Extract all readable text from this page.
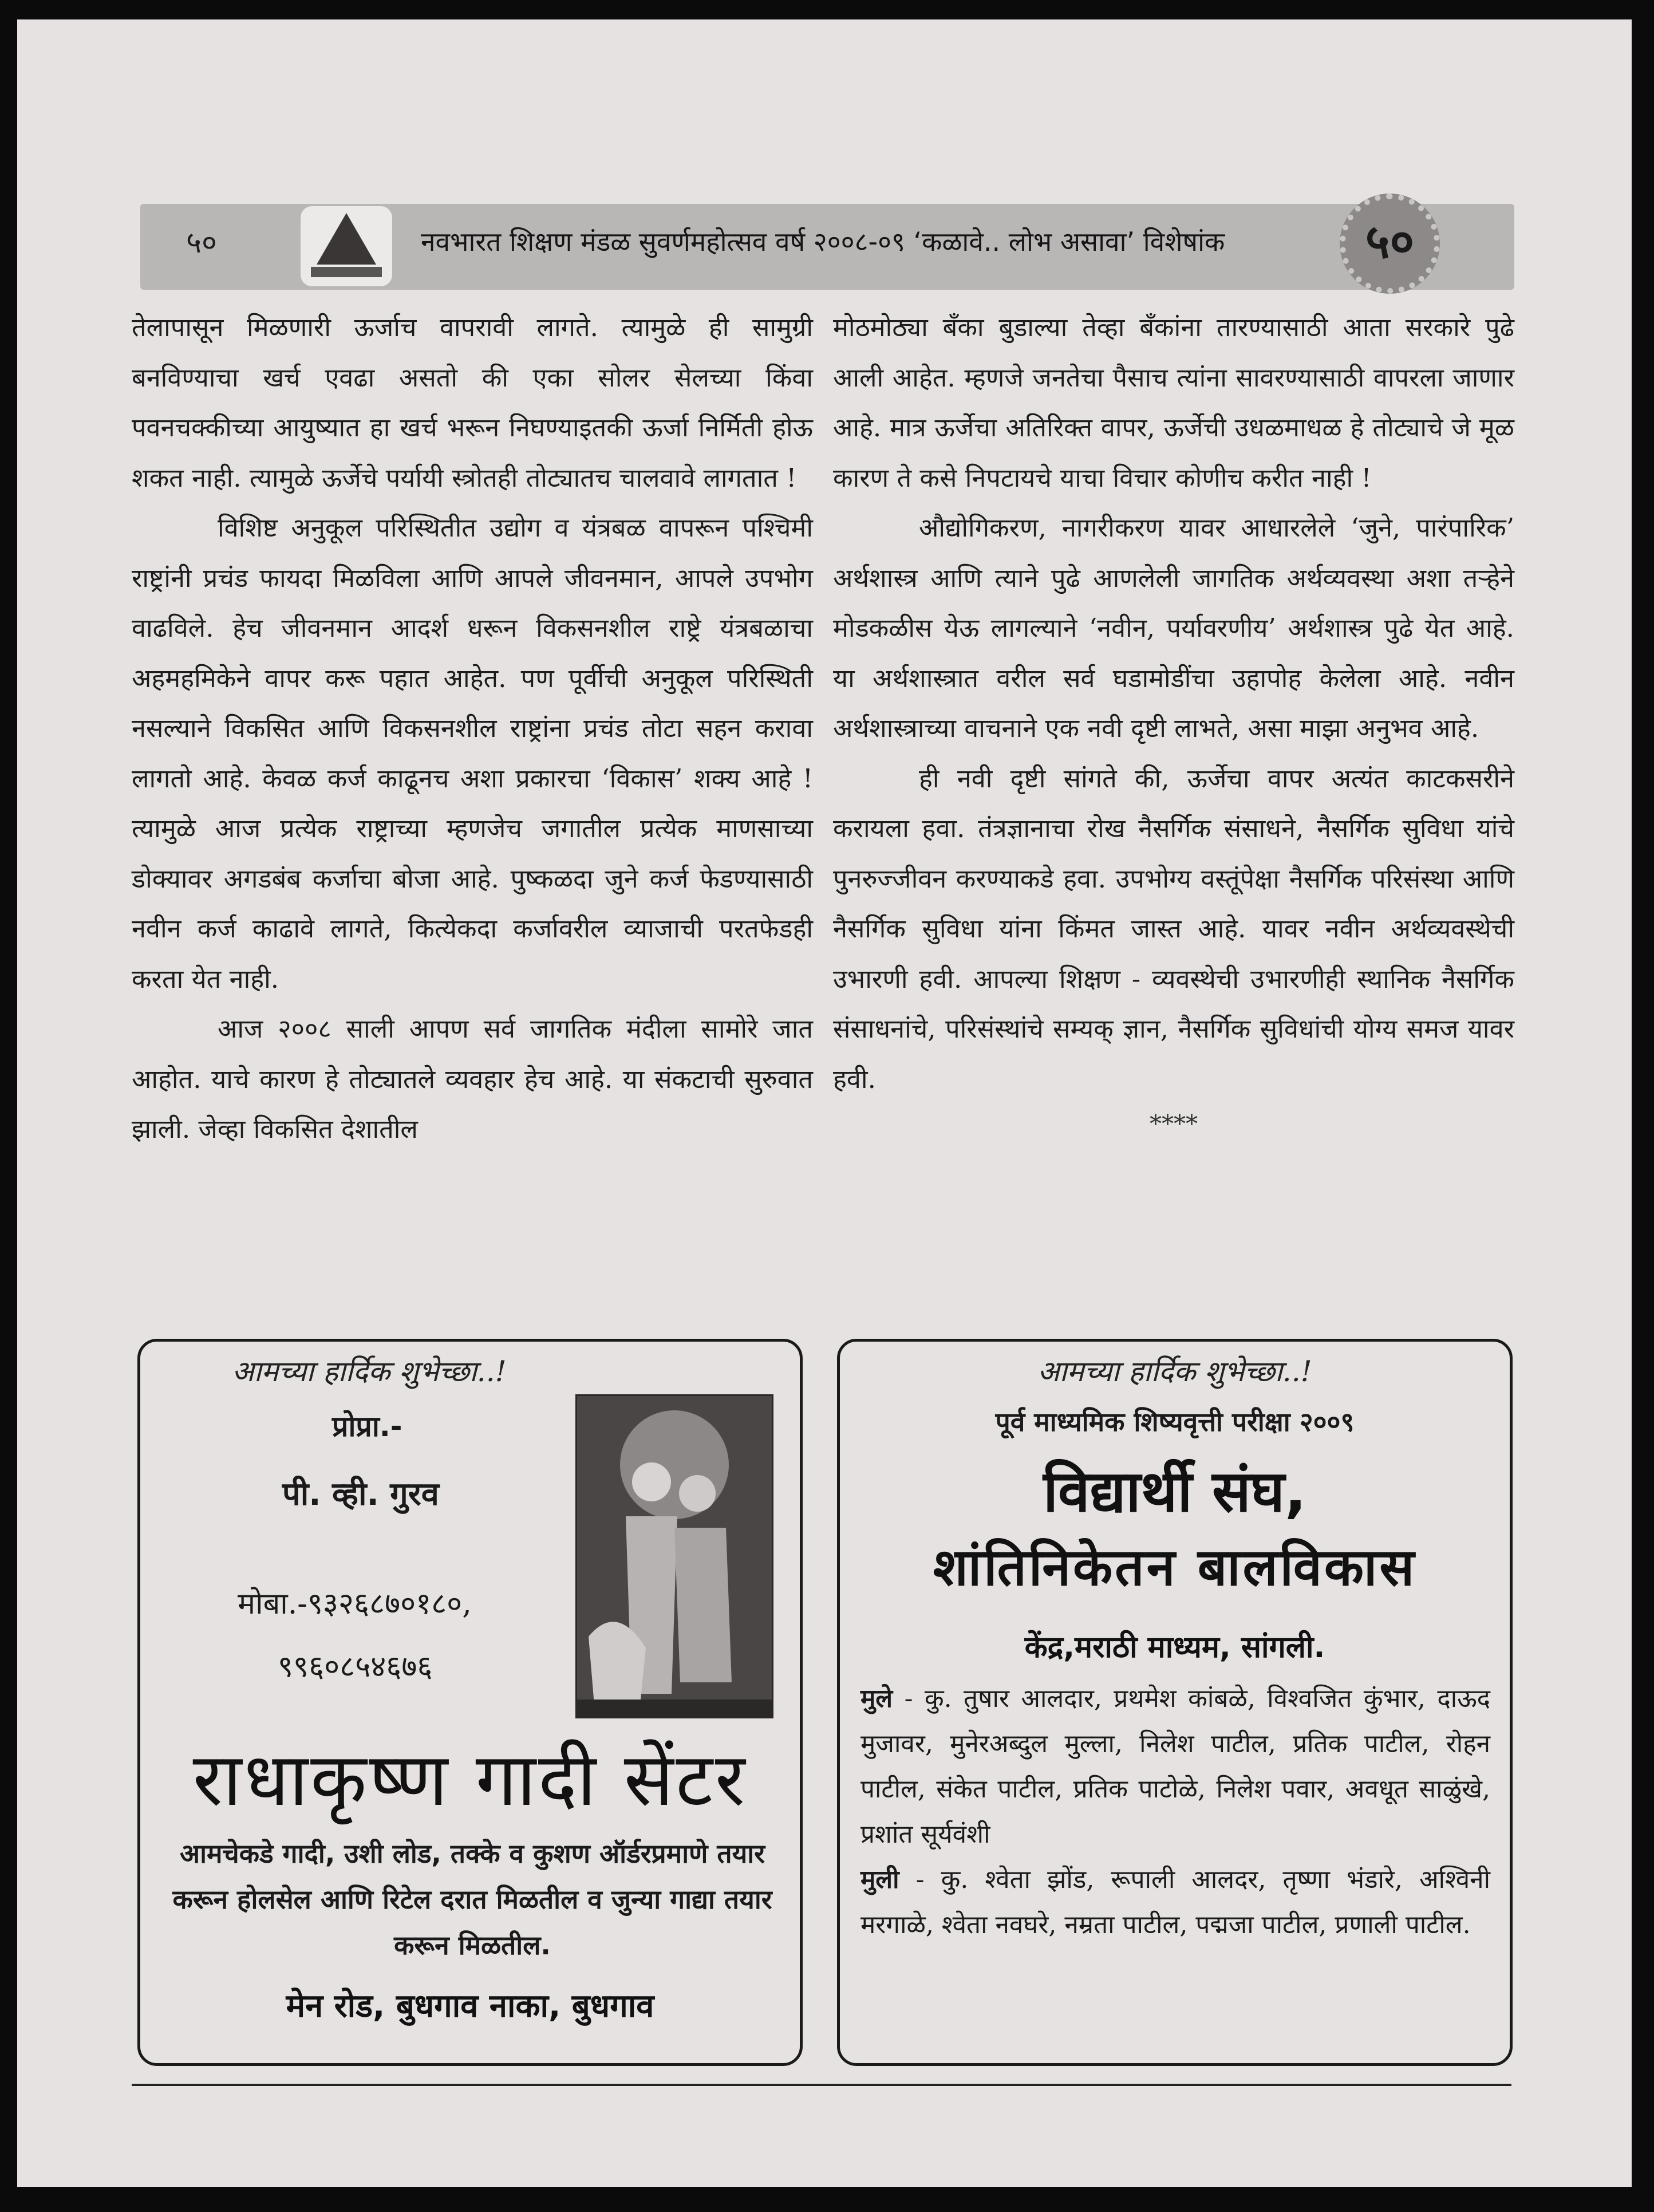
५०	नवभारत शिक्षण मंडळ सुवर्णमहोत्सव वर्ष २००८-०९ ‘कळावे.. लोभ असावा’ विशेषांक	५०

तेलापासून मिळणारी ऊर्जाच वापरावी लागते. त्यामुळे ही सामुग्री बनविण्याचा खर्च एवढा असतो की एका सोलर सेलच्या किंवा पवनचक्कीच्या आयुष्यात हा खर्च भरून निघण्याइतकी ऊर्जा निर्मिती होऊ शकत नाही. त्यामुळे ऊर्जेचे पर्यायी स्त्रोतही तोट्यातच चालवावे लागतात !

विशिष्ट अनुकूल परिस्थितीत उद्योग व यंत्रबळ वापरून पश्चिमी राष्ट्रांनी प्रचंड फायदा मिळविला आणि आपले जीवनमान, आपले उपभोग वाढविले. हेच जीवनमान आदर्श धरून विकसनशील राष्ट्रे यंत्रबळाचा अहमहमिकेने वापर करू पहात आहेत. पण पूर्वीची अनुकूल परिस्थिती नसल्याने विकसित आणि विकसनशील राष्ट्रांना प्रचंड तोटा सहन करावा लागतो आहे. केवळ कर्ज काढूनच अशा प्रकारचा ‘विकास’ शक्य आहे ! त्यामुळे आज प्रत्येक राष्ट्राच्या म्हणजेच जगातील प्रत्येक माणसाच्या डोक्यावर अगडबंब कर्जाचा बोजा आहे. पुष्कळदा जुने कर्ज फेडण्यासाठी नवीन कर्ज काढावे लागते, कित्येकदा कर्जावरील व्याजाची परतफेडही करता येत नाही.

आज २००८ साली आपण सर्व जागतिक मंदीला सामोरे जात आहोत. याचे कारण हे तोट्यातले व्यवहार हेच आहे. या संकटाची सुरुवात झाली. जेव्हा विकसित देशातील

मोठमोठ्या बँका बुडाल्या तेव्हा बँकांना तारण्यासाठी आता सरकारे पुढे आली आहेत. म्हणजे जनतेचा पैसाच त्यांना सावरण्यासाठी वापरला जाणार आहे. मात्र ऊर्जेचा अतिरिक्त वापर, ऊर्जेची उधळमाधळ हे तोट्याचे जे मूळ कारण ते कसे निपटायचे याचा विचार कोणीच करीत नाही !

औद्योगिकरण, नागरीकरण यावर आधारलेले ‘जुने, पारंपारिक’ अर्थशास्त्र आणि त्याने पुढे आणलेली जागतिक अर्थव्यवस्था अशा तऱ्हेने मोडकळीस येऊ लागल्याने ‘नवीन, पर्यावरणीय’ अर्थशास्त्र पुढे येत आहे. या अर्थशास्त्रात वरील सर्व घडामोडींचा उहापोह केलेला आहे. नवीन अर्थशास्त्राच्या वाचनाने एक नवी दृष्टी लाभते, असा माझा अनुभव आहे.

ही नवी दृष्टी सांगते की, ऊर्जेचा वापर अत्यंत काटकसरीने करायला हवा. तंत्रज्ञानाचा रोख नैसर्गिक संसाधने, नैसर्गिक सुविधा यांचे पुनरुज्जीवन करण्याकडे हवा. उपभोग्य वस्तूंपेक्षा नैसर्गिक परिसंस्था आणि नैसर्गिक सुविधा यांना किंमत जास्त आहे. यावर नवीन अर्थव्यवस्थेची उभारणी हवी. आपल्या शिक्षण - व्यवस्थेची उभारणीही स्थानिक नैसर्गिक संसाधनांचे, परिसंस्थांचे सम्यक् ज्ञान, नैसर्गिक सुविधांची योग्य समज यावर हवी.

****
आमच्या हार्दिक शुभेच्छा..!
प्रोप्रा.-
पी. व्ही. गुरव
मोबा.-९३२६८७०१८०,
९९६०८५४६७६
राधाकृष्ण गादी सेंटर
आमचेकडे गादी, उशी लोड, तक्के व कुशण ऑर्डरप्रमाणे तयार करून होलसेल आणि रिटेल दरात मिळतील व जुन्या गाद्या तयार करून मिळतील.
मेन रोड, बुधगाव नाका, बुधगाव
आमच्या हार्दिक शुभेच्छा..!
पूर्व माध्यमिक शिष्यवृत्ती परीक्षा २००९
विद्यार्थी संघ,
शांतिनिकेतन बालविकास
केंद्र,मराठी माध्यम, सांगली.
मुले - कु. तुषार आलदार, प्रथमेश कांबळे, विश्वजित कुंभार, दाऊद मुजावर, मुनेरअब्दुल मुल्ला, निलेश पाटील, प्रतिक पाटील, रोहन पाटील, संकेत पाटील, प्रतिक पाटोळे, निलेश पवार, अवधूत साळुंखे, प्रशांत सूर्यवंशी
मुली - कु. श्वेता झोंड, रूपाली आलदर, तृष्णा भंडारे, अश्विनी मरगाळे, श्वेता नवघरे, नम्रता पाटील, पद्मजा पाटील, प्रणाली पाटील.
